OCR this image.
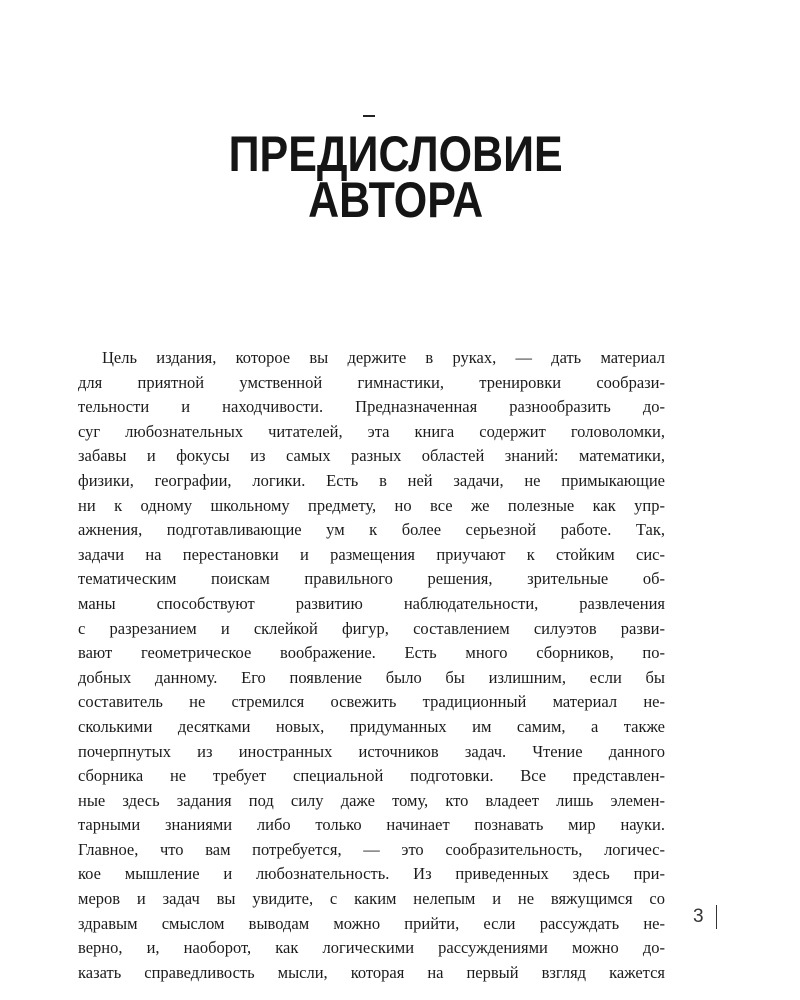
ПРЕДИСЛОВИЕ
АВТОРА
Цель издания, которое вы держите в руках, — дать материал
для приятной умственной гимнастики, тренировки сообрази-
тельности и находчивости. Предназначенная разнообразить до-
суг любознательных читателей, эта книга содержит головоломки,
забавы и фокусы из самых разных областей знаний: математики,
физики, географии, логики. Есть в ней задачи, не примыкающие
ни к одному школьному предмету, но все же полезные как упр-
ажнения, подготавливающие ум к более серьезной работе. Так,
задачи на перестановки и размещения приучают к стойким сис-
тематическим поискам правильного решения, зрительные об-
маны способствуют развитию наблюдательности, развлечения
с разрезанием и склейкой фигур, составлением силуэтов разви-
вают геометрическое воображение. Есть много сборников, по-
добных данному. Его появление было бы излишним, если бы
составитель не стремился освежить традиционный материал не-
сколькими десятками новых, придуманных им самим, а также
почерпнутых из иностранных источников задач. Чтение данного
сборника не требует специальной подготовки. Все представлен-
ные здесь задания под силу даже тому, кто владеет лишь элемен-
тарными знаниями либо только начинает познавать мир науки.
Главное, что вам потребуется, — это сообразительность, логичес-
кое мышление и любознательность. Из приведенных здесь при-
меров и задач вы увидите, с каким нелепым и не вяжущимся со
здравым смыслом выводам можно прийти, если рассуждать не-
верно, и, наоборот, как логическими рассуждениями можно до-
казать справедливость мысли, которая на первый взгляд кажется
3
